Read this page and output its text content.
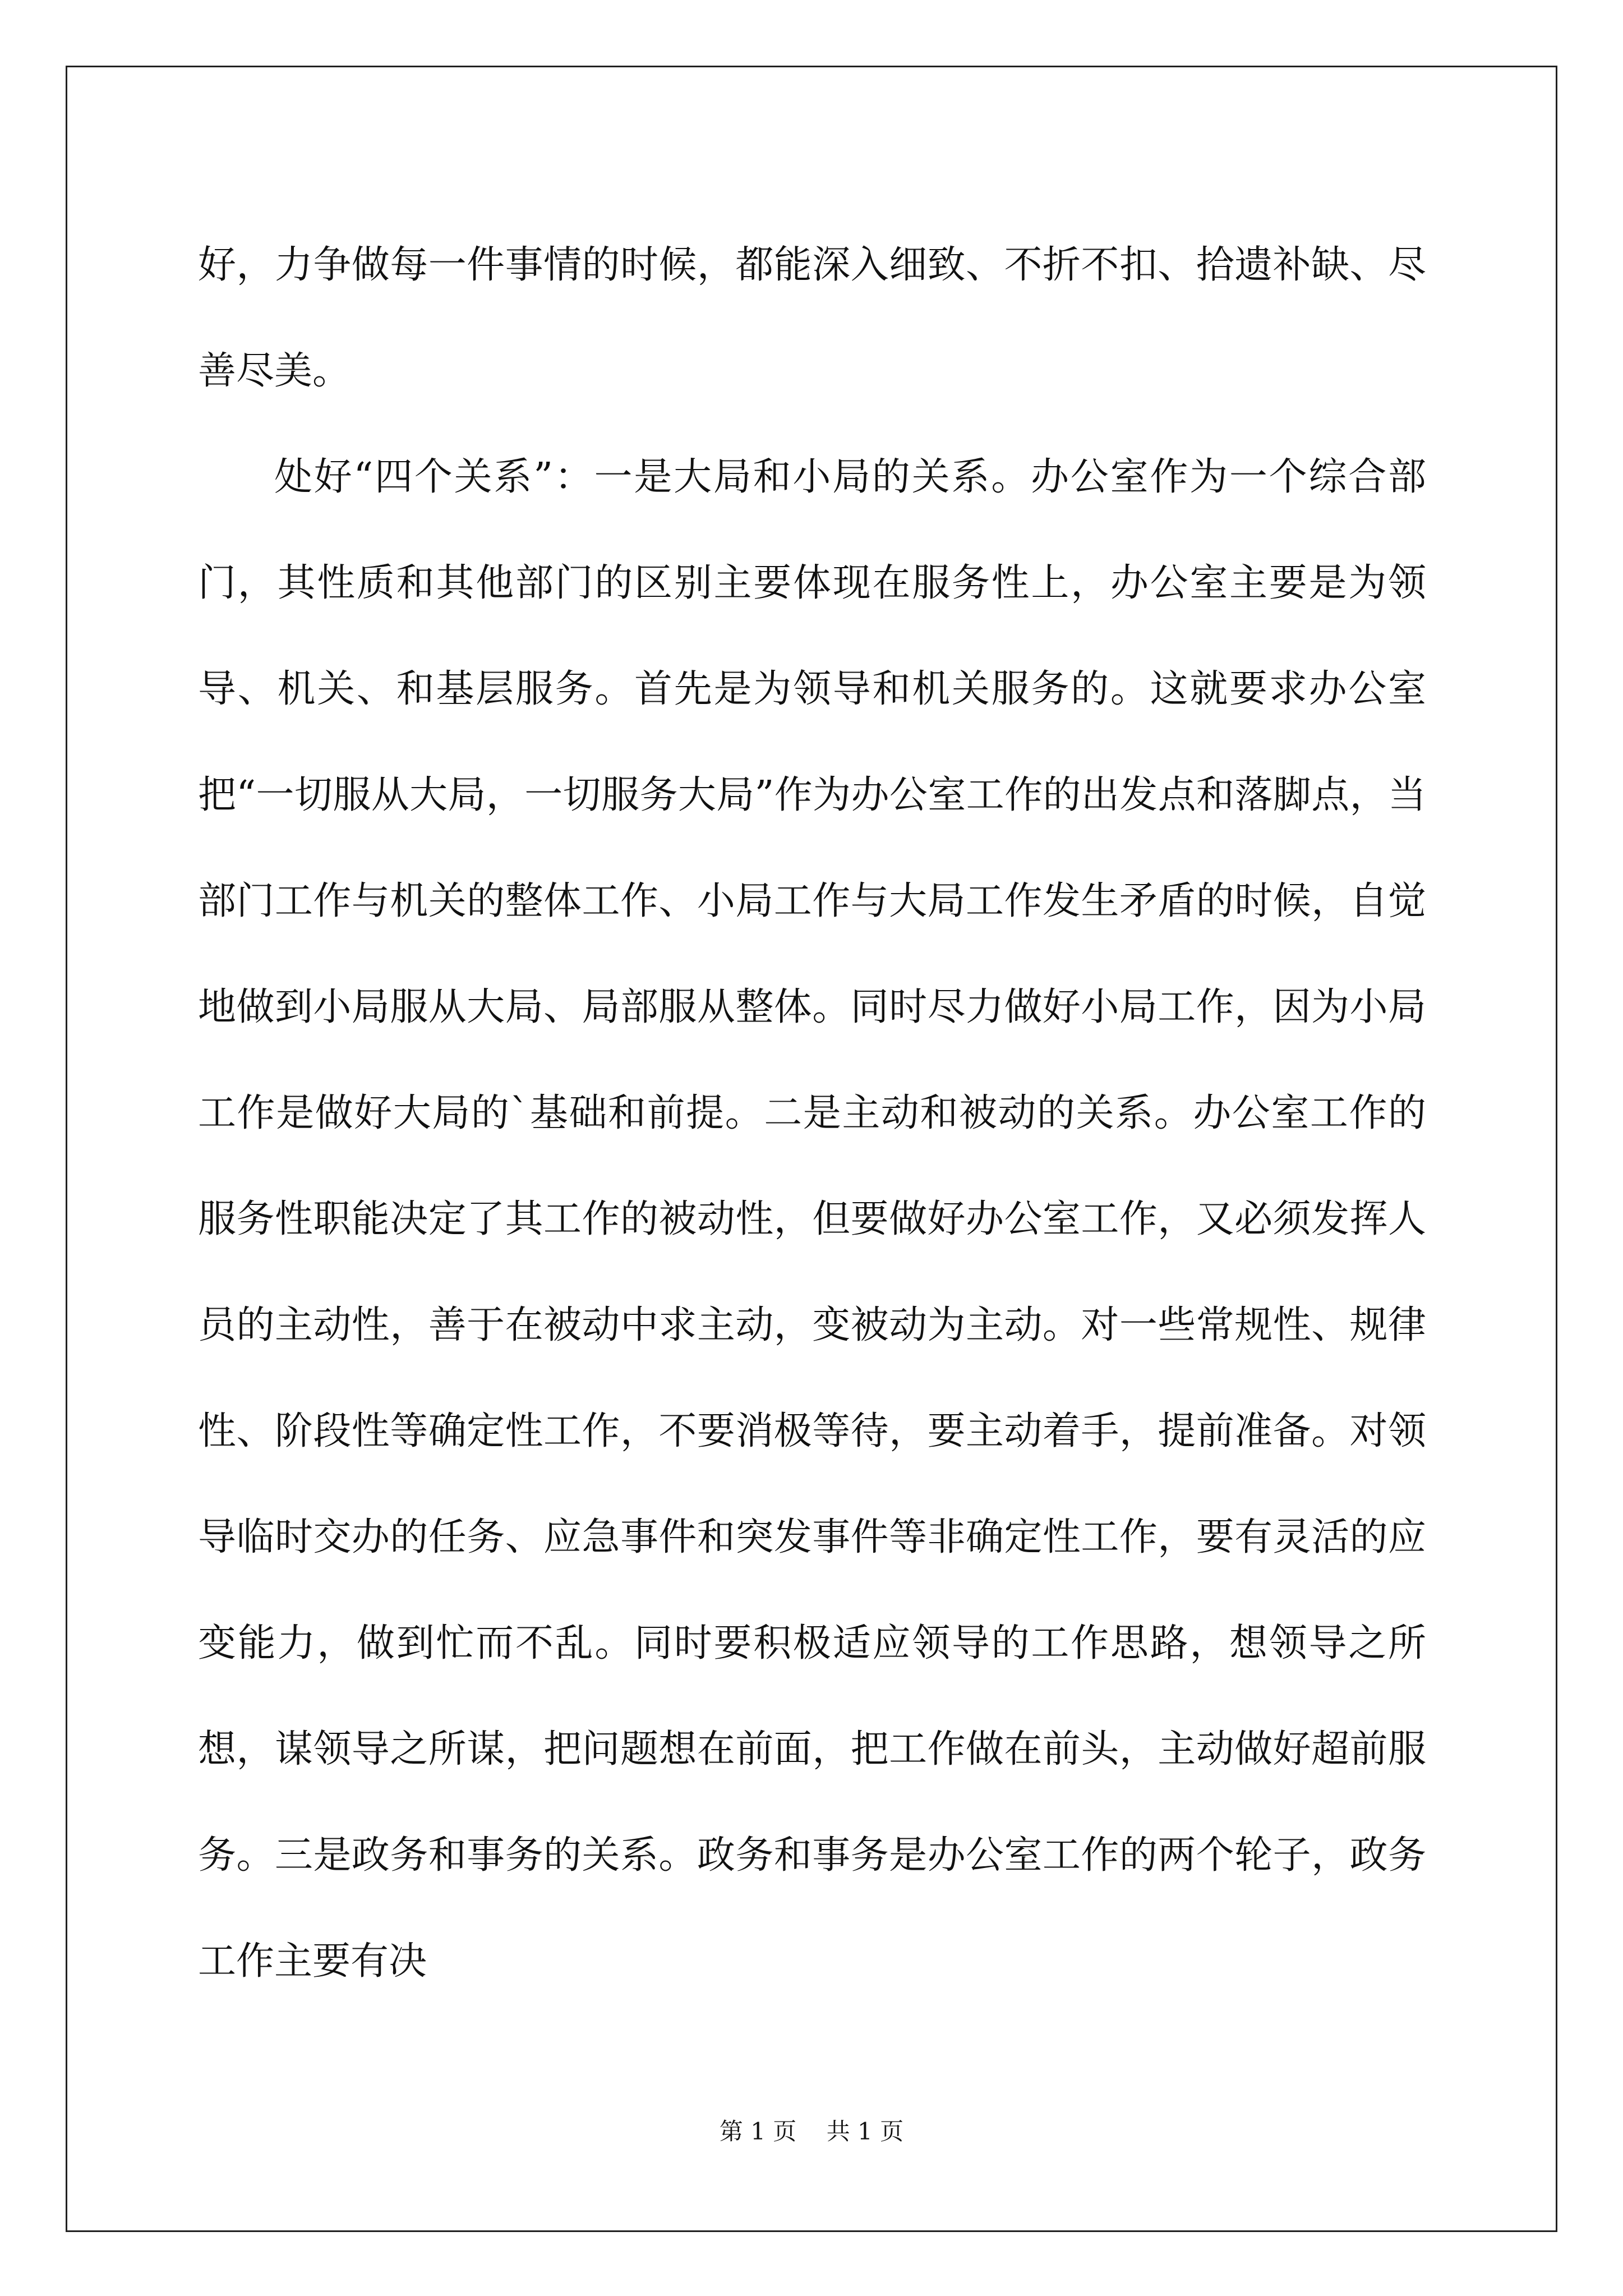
好，力争做每一件事情的时候，都能深入细致、不折不扣、拾遗补缺、尽善尽美。

处好“四个关系”：一是大局和小局的关系。办公室作为一个综合部门，其性质和其他部门的区别主要体现在服务性上，办公室主要是为领导、机关、和基层服务。首先是为领导和机关服务的。这就要求办公室把“一切服从大局，一切服务大局”作为办公室工作的出发点和落脚点，当部门工作与机关的整体工作、小局工作与大局工作发生矛盾的时候，自觉地做到小局服从大局、局部服从整体。同时尽力做好小局工作，因为小局工作是做好大局的`基础和前提。二是主动和被动的关系。办公室工作的服务性职能决定了其工作的被动性，但要做好办公室工作，又必须发挥人员的主动性，善于在被动中求主动，变被动为主动。对一些常规性、规律性、阶段性等确定性工作，不要消极等待，要主动着手，提前准备。对领导临时交办的任务、应急事件和突发事件等非确定性工作，要有灵活的应变能力，做到忙而不乱。同时要积极适应领导的工作思路，想领导之所想，谋领导之所谋，把问题想在前面，把工作做在前头，主动做好超前服务。三是政务和事务的关系。政务和事务是办公室工作的两个轮子，政务工作主要有决

第 1 页    共 1 页
